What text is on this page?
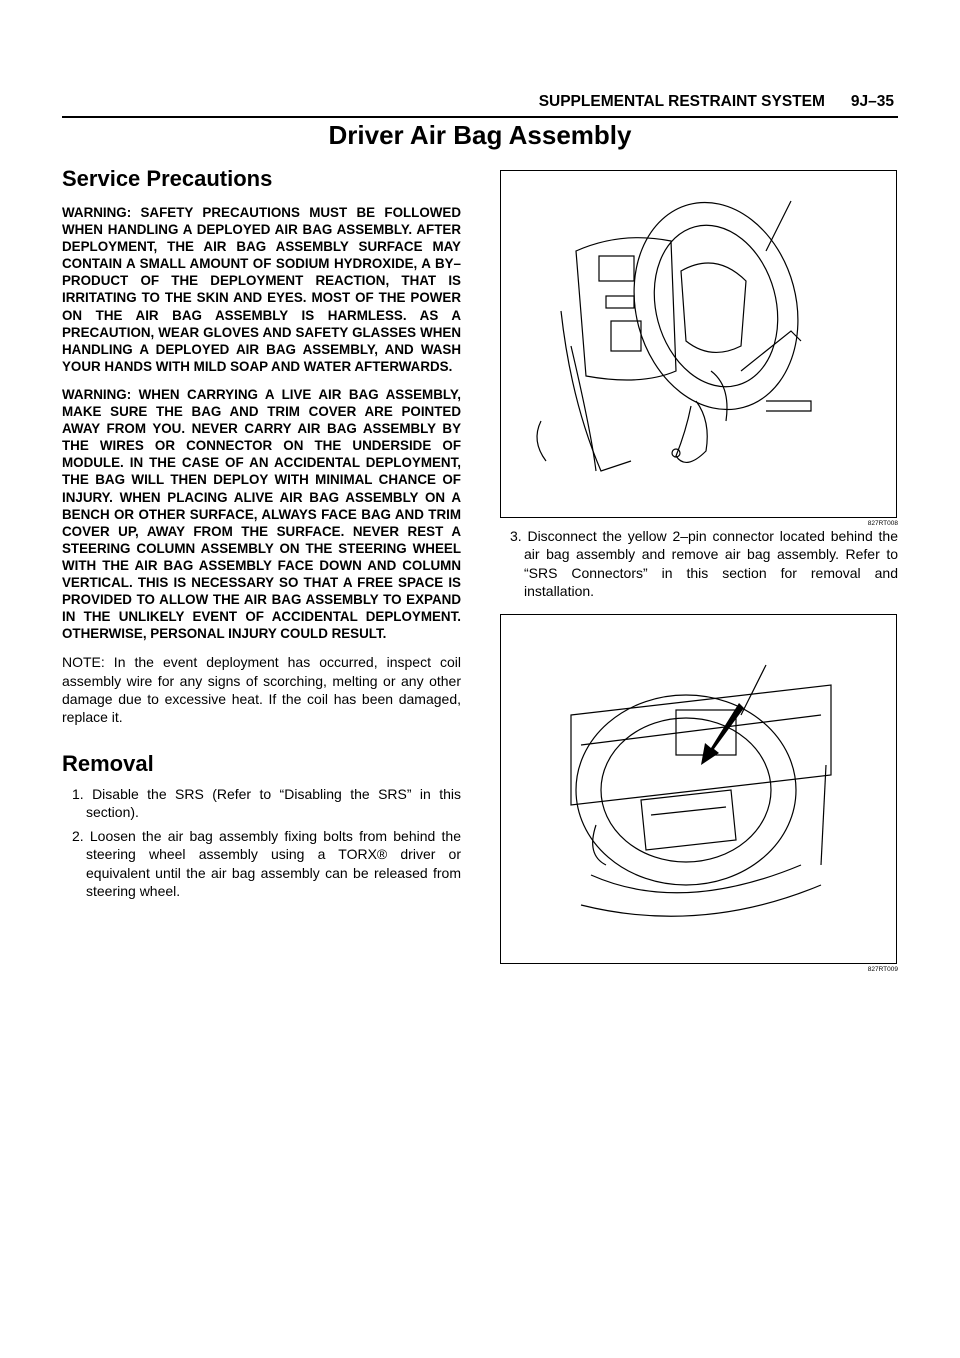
SUPPLEMENTAL RESTRAINT SYSTEM 9J–35
Driver Air Bag Assembly
Service Precautions

WARNING: SAFETY PRECAUTIONS MUST BE FOLLOWED WHEN HANDLING A DEPLOYED AIR BAG ASSEMBLY. AFTER DEPLOYMENT, THE AIR BAG ASSEMBLY SURFACE MAY CONTAIN A SMALL AMOUNT OF SODIUM HYDROXIDE, A BY–PRODUCT OF THE DEPLOYMENT REACTION, THAT IS IRRITATING TO THE SKIN AND EYES. MOST OF THE POWER ON THE AIR BAG ASSEMBLY IS HARMLESS. AS A PRECAUTION, WEAR GLOVES AND SAFETY GLASSES WHEN HANDLING A DEPLOYED AIR BAG ASSEMBLY, AND WASH YOUR HANDS WITH MILD SOAP AND WATER AFTERWARDS.

WARNING: WHEN CARRYING A LIVE AIR BAG ASSEMBLY, MAKE SURE THE BAG AND TRIM COVER ARE POINTED AWAY FROM YOU. NEVER CARRY AIR BAG ASSEMBLY BY THE WIRES OR CONNECTOR ON THE UNDERSIDE OF MODULE. IN THE CASE OF AN ACCIDENTAL DEPLOYMENT, THE BAG WILL THEN DEPLOY WITH MINIMAL CHANCE OF INJURY. WHEN PLACING ALIVE AIR BAG ASSEMBLY ON A BENCH OR OTHER SURFACE, ALWAYS FACE BAG AND TRIM COVER UP, AWAY FROM THE SURFACE. NEVER REST A STEERING COLUMN ASSEMBLY ON THE STEERING WHEEL WITH THE AIR BAG ASSEMBLY FACE DOWN AND COLUMN VERTICAL. THIS IS NECESSARY SO THAT A FREE SPACE IS PROVIDED TO ALLOW THE AIR BAG ASSEMBLY TO EXPAND IN THE UNLIKELY EVENT OF ACCIDENTAL DEPLOYMENT. OTHERWISE, PERSONAL INJURY COULD RESULT.

NOTE: In the event deployment has occurred, inspect coil assembly wire for any signs of scorching, melting or any other damage due to excessive heat. If the coil has been damaged, replace it.

Removal
1. Disable the SRS (Refer to “Disabling the SRS” in this section).
2. Loosen the air bag assembly fixing bolts from behind the steering wheel assembly using a TORX® driver or equivalent until the air bag assembly can be released from steering wheel.
827RT008
3. Disconnect the yellow 2–pin connector located behind the air bag assembly and remove air bag assembly. Refer to “SRS Connectors” in this section for removal and installation.
827RT009
